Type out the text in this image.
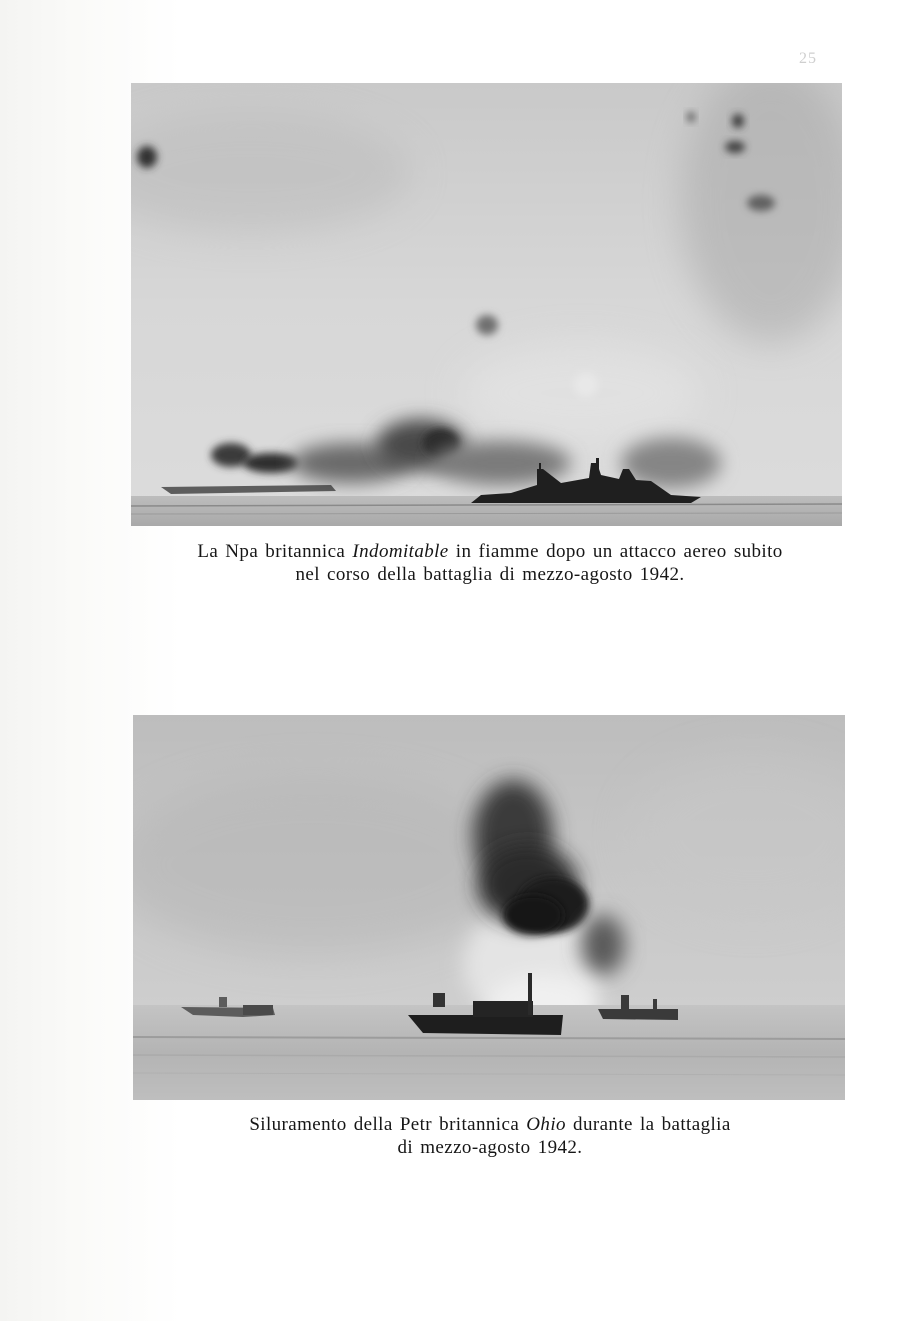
25
La Npa britannica Indomitable in fiamme dopo un attacco aereo subito
nel corso della battaglia di mezzo-agosto 1942.
Siluramento della Petr britannica Ohio durante la battaglia
di mezzo-agosto 1942.
